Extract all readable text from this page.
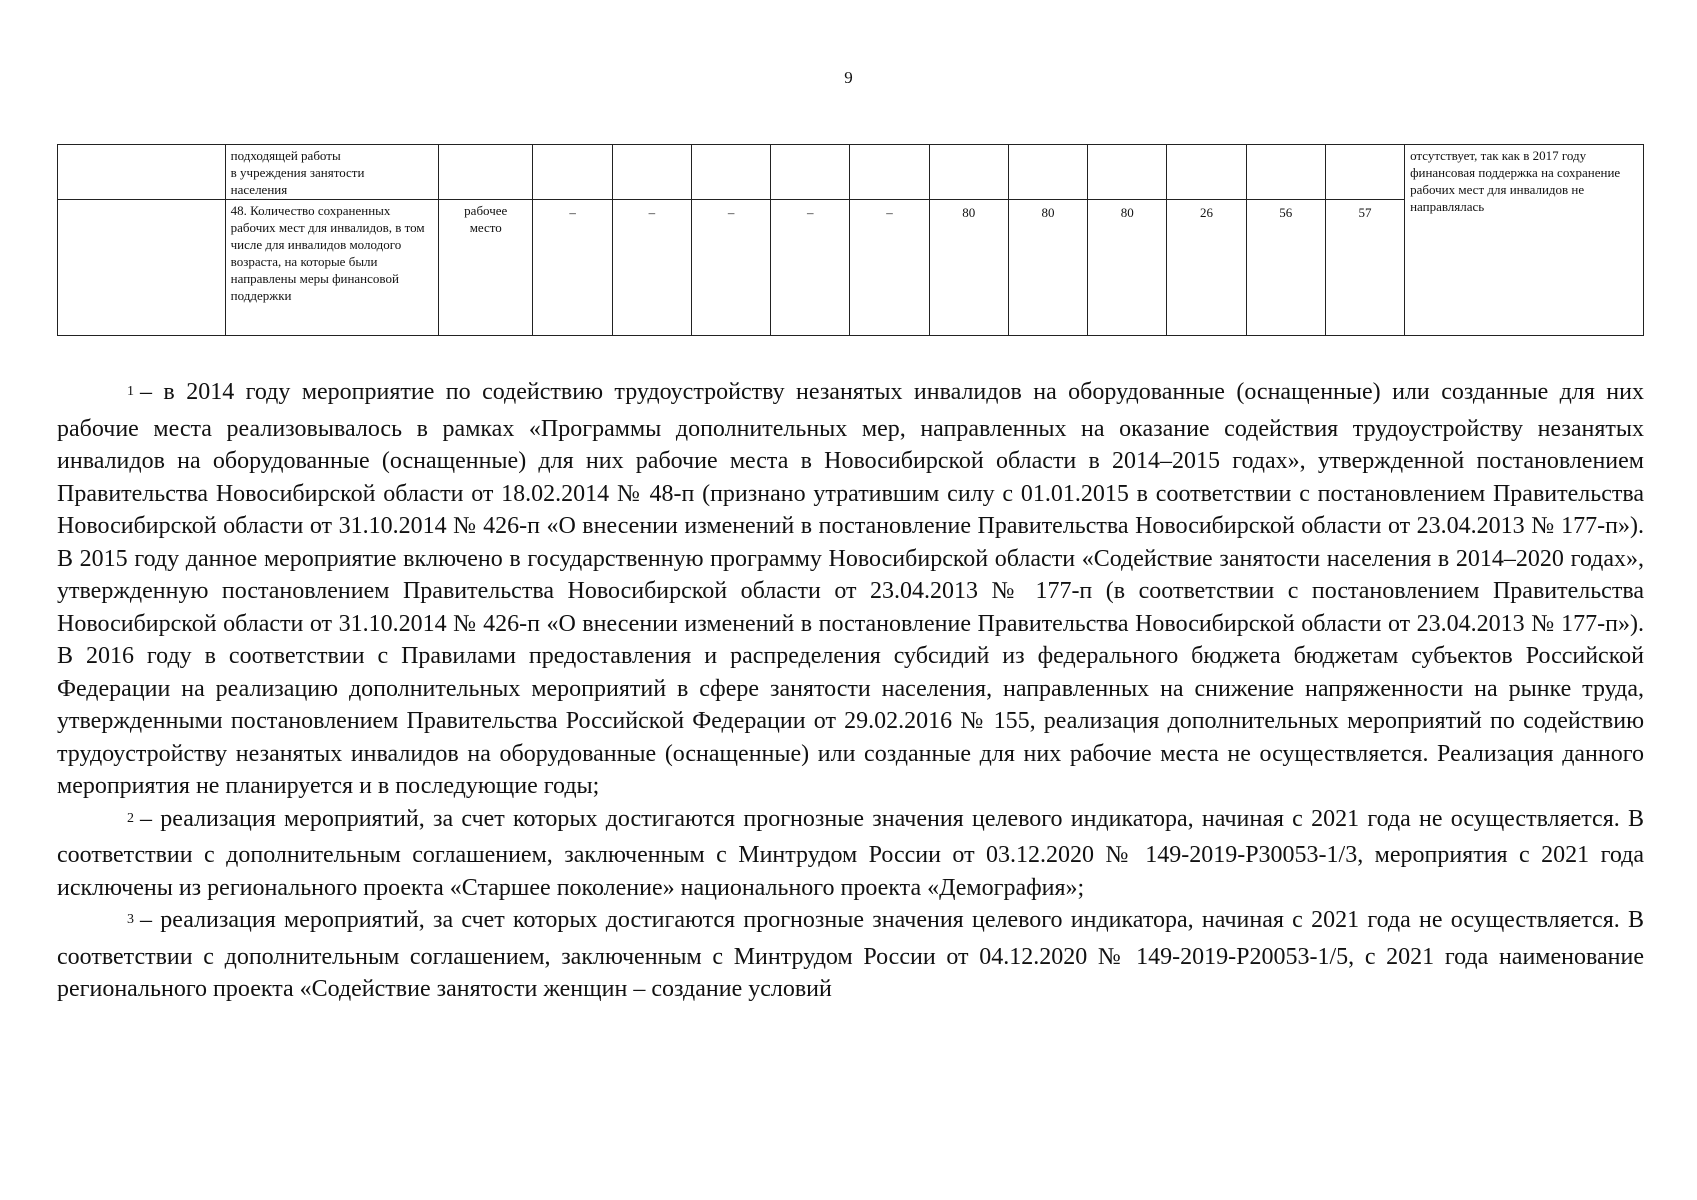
9
	подходящей работы
в учреждения занятости
населения													отсутствует, так как в 2017 году финансовая поддержка на сохранение рабочих мест для инвалидов не направлялась
	48. Количество сохраненных рабочих мест для инвалидов, в том числе для инвалидов молодого возраста, на которые были направлены меры финансовой поддержки	рабочее
место	–	–	–	–	–	80	80	80	26	56	57	

$^1$ – в 2014 году мероприятие по содействию трудоустройству незанятых инвалидов на оборудованные (оснащенные) или созданные для них рабочие места реализовывалось в рамках «Программы дополнительных мер, направленных на оказание содействия трудоустройству незанятых инвалидов на оборудованные (оснащенные) для них рабочие места в Новосибирской области в 2014–2015 годах», утвержденной постановлением Правительства Новосибирской области от 18.02.2014 № 48-п (признано утратившим силу с 01.01.2015 в соответствии с постановлением Правительства Новосибирской области от 31.10.2014 № 426-п «О внесении изменений в постановление Правительства Новосибирской области от 23.04.2013 № 177-п»). В 2015 году данное мероприятие включено в государственную программу Новосибирской области «Содействие занятости населения в 2014–2020 годах», утвержденную постановлением Правительства Новосибирской области от 23.04.2013 № 177-п (в соответствии с постановлением Правительства Новосибирской области от 31.10.2014 № 426-п «О внесении изменений в постановление Правительства Новосибирской области от 23.04.2013 № 177-п»). В 2016 году в соответствии с Правилами предоставления и распределения субсидий из федерального бюджета бюджетам субъектов Российской Федерации на реализацию дополнительных мероприятий в сфере занятости населения, направленных на снижение напряженности на рынке труда, утвержденными постановлением Правительства Российской Федерации от 29.02.2016 № 155, реализация дополнительных мероприятий по содействию трудоустройству незанятых инвалидов на оборудованные (оснащенные) или созданные для них рабочие места не осуществляется. Реализация данного мероприятия не планируется и в последующие годы;

$^2$ – реализация мероприятий, за счет которых достигаются прогнозные значения целевого индикатора, начиная с 2021 года не осуществляется. В соответствии с дополнительным соглашением, заключенным с Минтрудом России от 03.12.2020 № 149-2019-P30053-1/3, мероприятия с 2021 года исключены из регионального проекта «Старшее поколение» национального проекта «Демография»;

$^3$ – реализация мероприятий, за счет которых достигаются прогнозные значения целевого индикатора, начиная с 2021 года не осуществляется. В соответствии с дополнительным соглашением, заключенным с Минтрудом России от 04.12.2020 № 149-2019-P20053-1/5, с 2021 года наименование регионального проекта «Содействие занятости женщин – создание условий
